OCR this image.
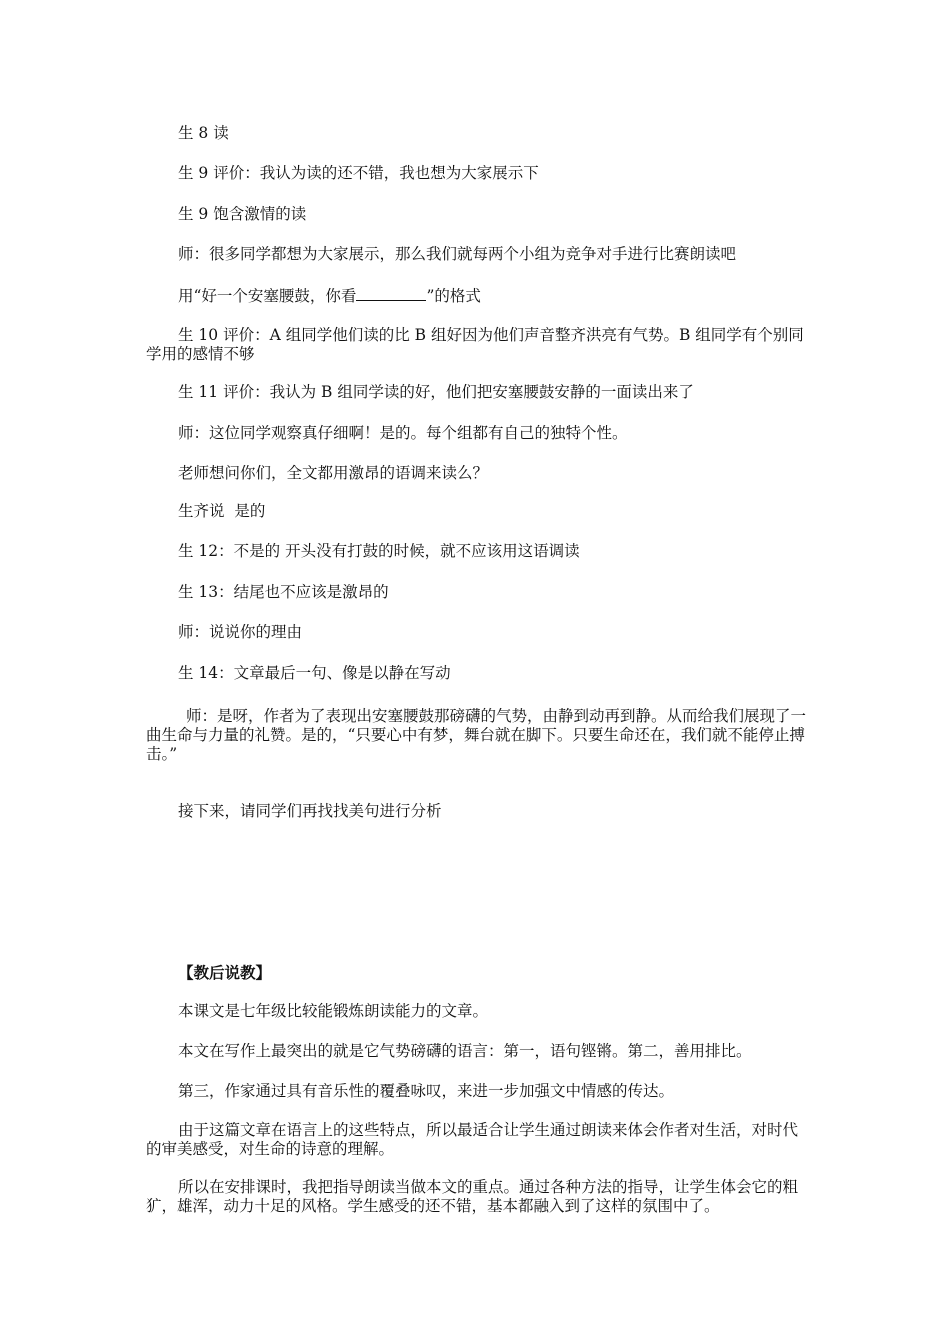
生 8 读

生 9 评价：我认为读的还不错，我也想为大家展示下

生 9 饱含激情的读

师：很多同学都想为大家展示，那么我们就每两个小组为竞争对手进行比赛朗读吧

用“好一个安塞腰鼓，你看	”的格式

生 10 评价：A 组同学他们读的比 B 组好因为他们声音整齐洪亮有气势。B 组同学有个别同学用的感情不够

生 11 评价：我认为 B 组同学读的好，他们把安塞腰鼓安静的一面读出来了

师：这位同学观察真仔细啊！是的。每个组都有自己的独特个性。

老师想问你们，全文都用激昂的语调来读么？

生齐说  是的

生 12：不是的 开头没有打鼓的时候，就不应该用这语调读

生 13：结尾也不应该是激昂的

师：说说你的理由

生 14：文章最后一句、像是以静在写动

师：是呀，作者为了表现出安塞腰鼓那磅礴的气势，由静到动再到静。从而给我们展现了一曲生命与力量的礼赞。是的，“只要心中有梦，舞台就在脚下。只要生命还在，我们就不能停止搏击。”

接下来，请同学们再找找美句进行分析

【教后说教】

本课文是七年级比较能锻炼朗读能力的文章。

本文在写作上最突出的就是它气势磅礴的语言：第一，语句铿锵。第二，善用排比。

第三，作家通过具有音乐性的覆叠咏叹，来进一步加强文中情感的传达。

由于这篇文章在语言上的这些特点，所以最适合让学生通过朗读来体会作者对生活，对时代的审美感受，对生命的诗意的理解。

所以在安排课时，我把指导朗读当做本文的重点。通过各种方法的指导，让学生体会它的粗犷，雄浑，动力十足的风格。学生感受的还不错，基本都融入到了这样的氛围中了。
